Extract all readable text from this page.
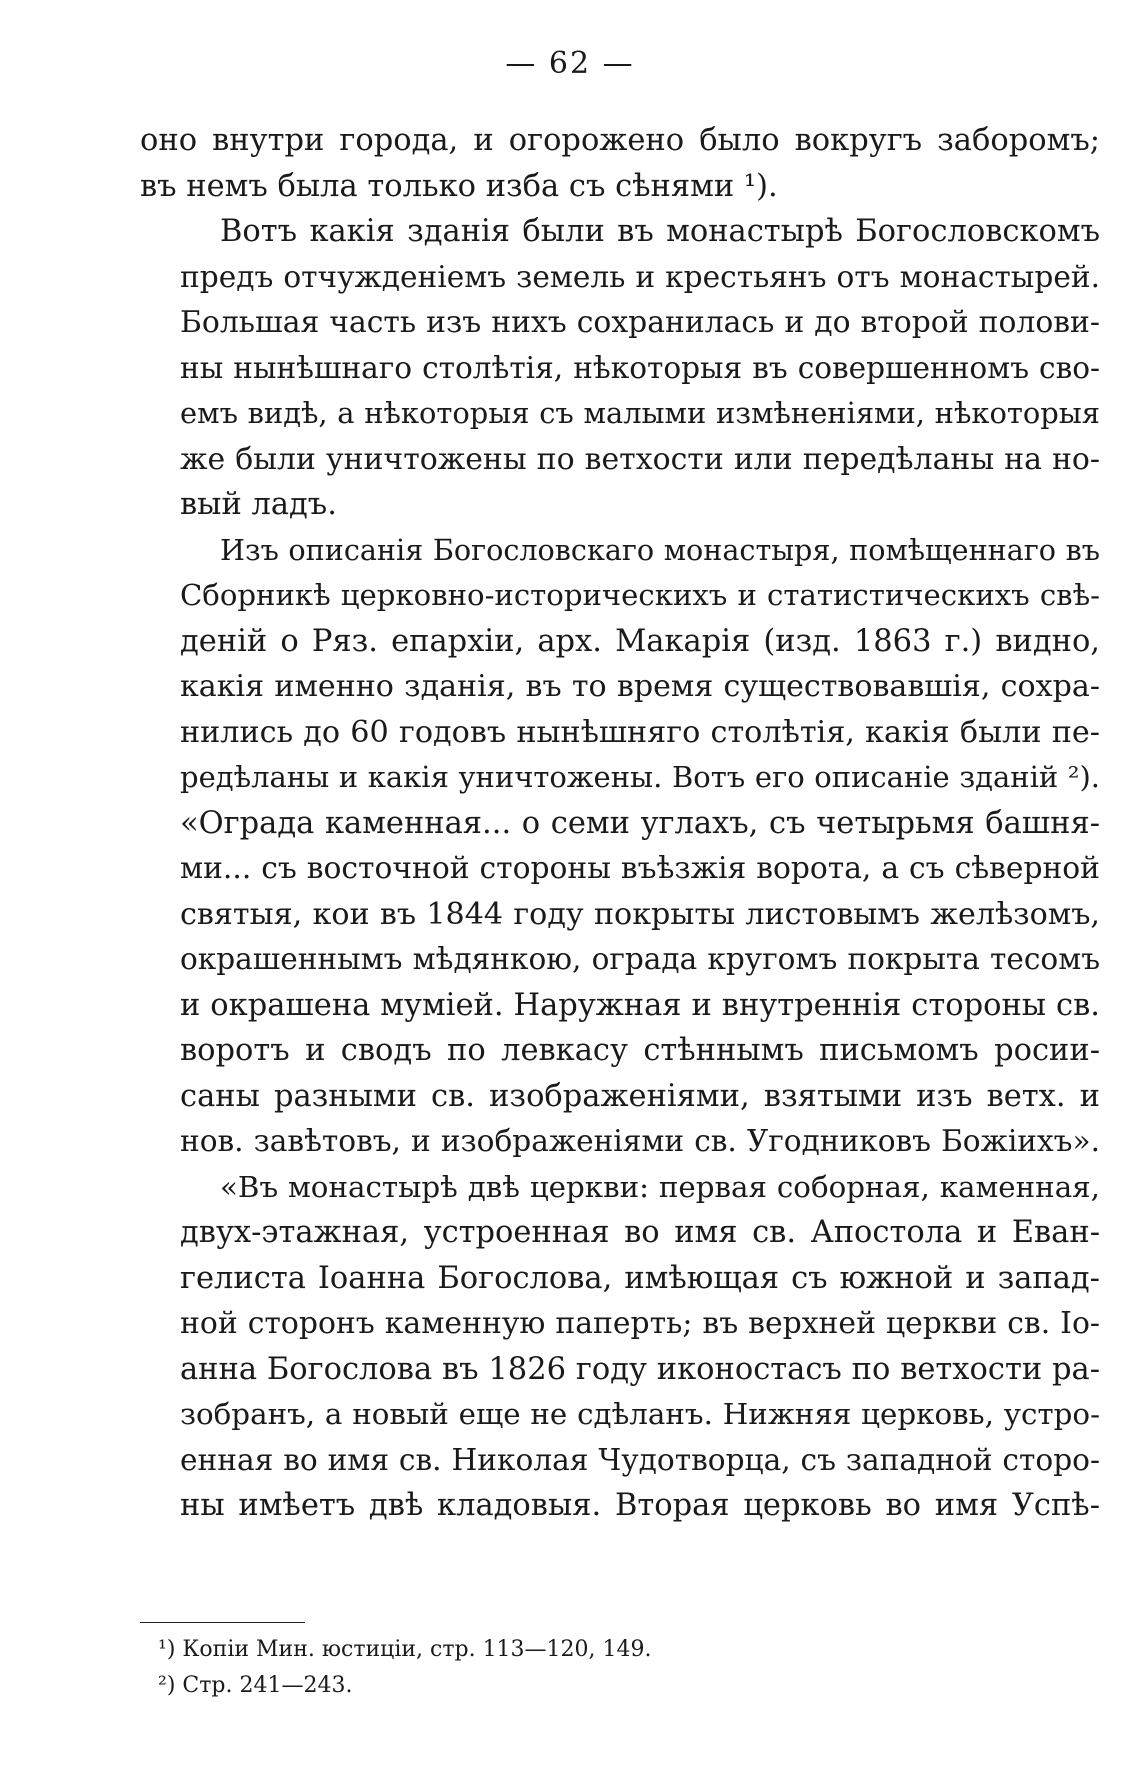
— 62 —
оно внутри города, и огорожено было вокругъ заборомъ;
въ немъ была только изба съ сѣнями ¹).
Вотъ какія зданія были въ монастырѣ Богословскомъ
предъ отчужденіемъ земель и крестьянъ отъ монастырей.
Большая часть изъ нихъ сохранилась и до второй полови-
ны нынѣшнаго столѣтія, нѣкоторыя въ совершенномъ сво-
емъ видѣ, а нѣкоторыя съ малыми измѣненіями, нѣкоторыя
же были уничтожены по ветхости или передѣланы на но-
вый ладъ.
Изъ описанія Богословскаго монастыря, помѣщеннаго въ
Сборникѣ церковно-историческихъ и статистическихъ свѣ-
деній о Ряз. епархіи, арх. Макарія (изд. 1863 г.) видно,
какія именно зданія, въ то время существовавшія, сохра-
нились до 60 годовъ нынѣшняго столѣтія, какія были пе-
редѣланы и какія уничтожены. Вотъ его описаніе зданій ²).
«Ограда каменная... о семи углахъ, съ четырьмя башня-
ми... съ восточной стороны въѣзжія ворота, а съ сѣверной
святыя, кои въ 1844 году покрыты листовымъ желѣзомъ,
окрашеннымъ мѣдянкою, ограда кругомъ покрыта тесомъ
и окрашена муміей. Наружная и внутреннія стороны св.
воротъ и сводъ по левкасу стѣннымъ письмомъ росии-
саны разными св. изображеніями, взятыми изъ ветх. и
нов. завѣтовъ, и изображеніями св. Угодниковъ Божіихъ».
«Въ монастырѣ двѣ церкви: первая соборная, каменная,
двух-этажная, устроенная во имя св. Апостола и Еван-
гелиста Іоанна Богослова, имѣющая съ южной и запад-
ной сторонъ каменную паперть; въ верхней церкви св. Іо-
анна Богослова въ 1826 году иконостасъ по ветхости ра-
зобранъ, а новый еще не сдѣланъ. Нижняя церковь, устро-
енная во имя св. Николая Чудотворца, съ западной сторо-
ны имѣетъ двѣ кладовыя. Вторая церковь во имя Успѣ-
¹) Копіи Мин. юстиціи, стр. 113—120, 149.
²) Стр. 241—243.
